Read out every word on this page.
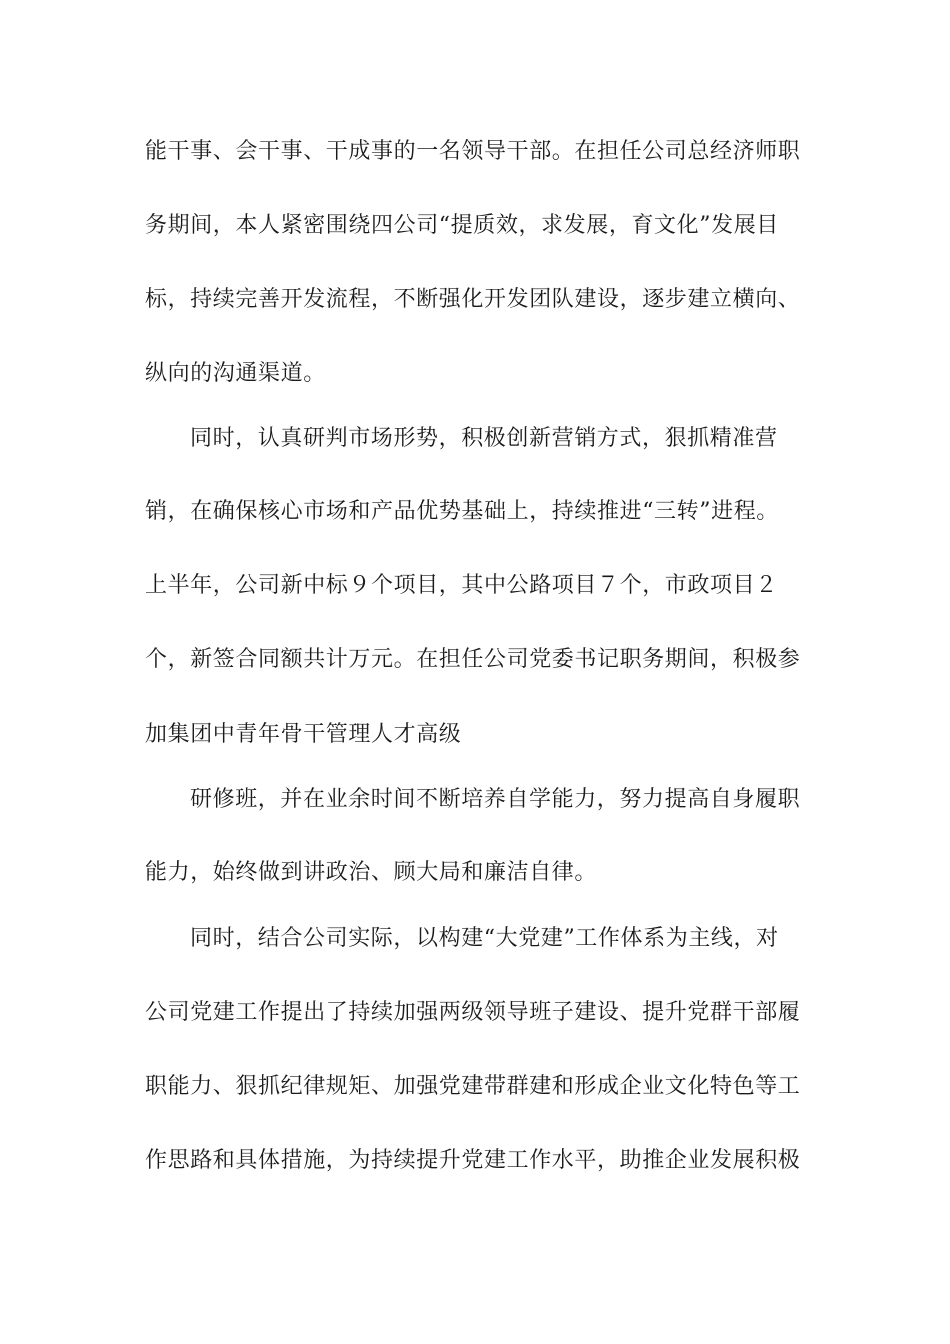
能干事、会干事、干成事的一名领导干部。在担任公司总经济师职
务期间，本人紧密围绕四公司“提质效，求发展，育文化”发展目
标，持续完善开发流程，不断强化开发团队建设，逐步建立横向、
纵向的沟通渠道。
同时，认真研判市场形势，积极创新营销方式，狠抓精准营
销，在确保核心市场和产品优势基础上，持续推进“三转”进程。
上半年，公司新中标９个项目，其中公路项目７个，市政项目２
个，新签合同额共计万元。在担任公司党委书记职务期间，积极参
加集团中青年骨干管理人才高级
研修班，并在业余时间不断培养自学能力，努力提高自身履职
能力，始终做到讲政治、顾大局和廉洁自律。
同时，结合公司实际，以构建“大党建”工作体系为主线，对
公司党建工作提出了持续加强两级领导班子建设、提升党群干部履
职能力、狠抓纪律规矩、加强党建带群建和形成企业文化特色等工
作思路和具体措施，为持续提升党建工作水平，助推企业发展积极
